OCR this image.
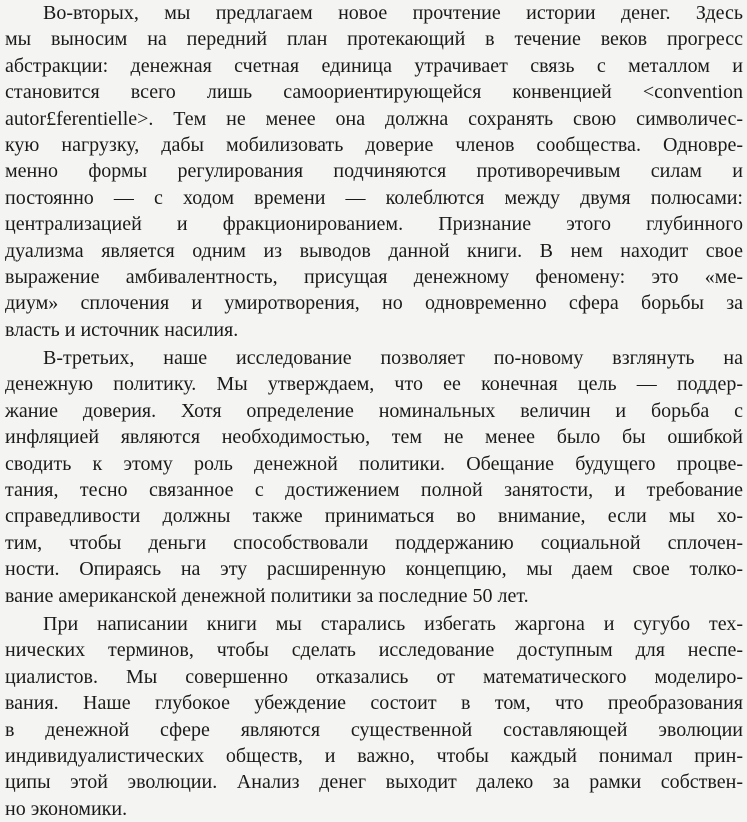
Во-вторых, мы предлагаем новое прочтение истории денег. Здесь
мы выносим на передний план протекающий в течение веков прогресс
абстракции: денежная счетная единица утрачивает связь с металлом и
становится всего лишь самоориентирующейся конвенцией <convention
autor£ferentielle>. Тем не менее она должна сохранять свою символичес-
кую нагрузку, дабы мобилизовать доверие членов сообщества. Одновре-
менно формы регулирования подчиняются противоречивым силам и
постоянно — с ходом времени — колеблются между двумя полюсами:
централизацией и фракционированием. Признание этого глубинного
дуализма является одним из выводов данной книги. В нем находит свое
выражение амбивалентность, присущая денежному феномену: это «ме-
диум» сплочения и умиротворения, но одновременно сфера борьбы за
власть и источник насилия.
В-третьих, наше исследование позволяет по-новому взглянуть на
денежную политику. Мы утверждаем, что ее конечная цель — поддер-
жание доверия. Хотя определение номинальных величин и борьба с
инфляцией являются необходимостью, тем не менее было бы ошибкой
сводить к этому роль денежной политики. Обещание будущего процве-
тания, тесно связанное с достижением полной занятости, и требование
справедливости должны также приниматься во внимание, если мы хо-
тим, чтобы деньги способствовали поддержанию социальной сплочен-
ности. Опираясь на эту расширенную концепцию, мы даем свое толко-
вание американской денежной политики за последние 50 лет.
При написании книги мы старались избегать жаргона и сугубо тех-
нических терминов, чтобы сделать исследование доступным для неспе-
циалистов. Мы совершенно отказались от математического моделиро-
вания. Наше глубокое убеждение состоит в том, что преобразования
в денежной сфере являются существенной составляющей эволюции
индивидуалистических обществ, и важно, чтобы каждый понимал прин-
ципы этой эволюции. Анализ денег выходит далеко за рамки собствен-
но экономики.
